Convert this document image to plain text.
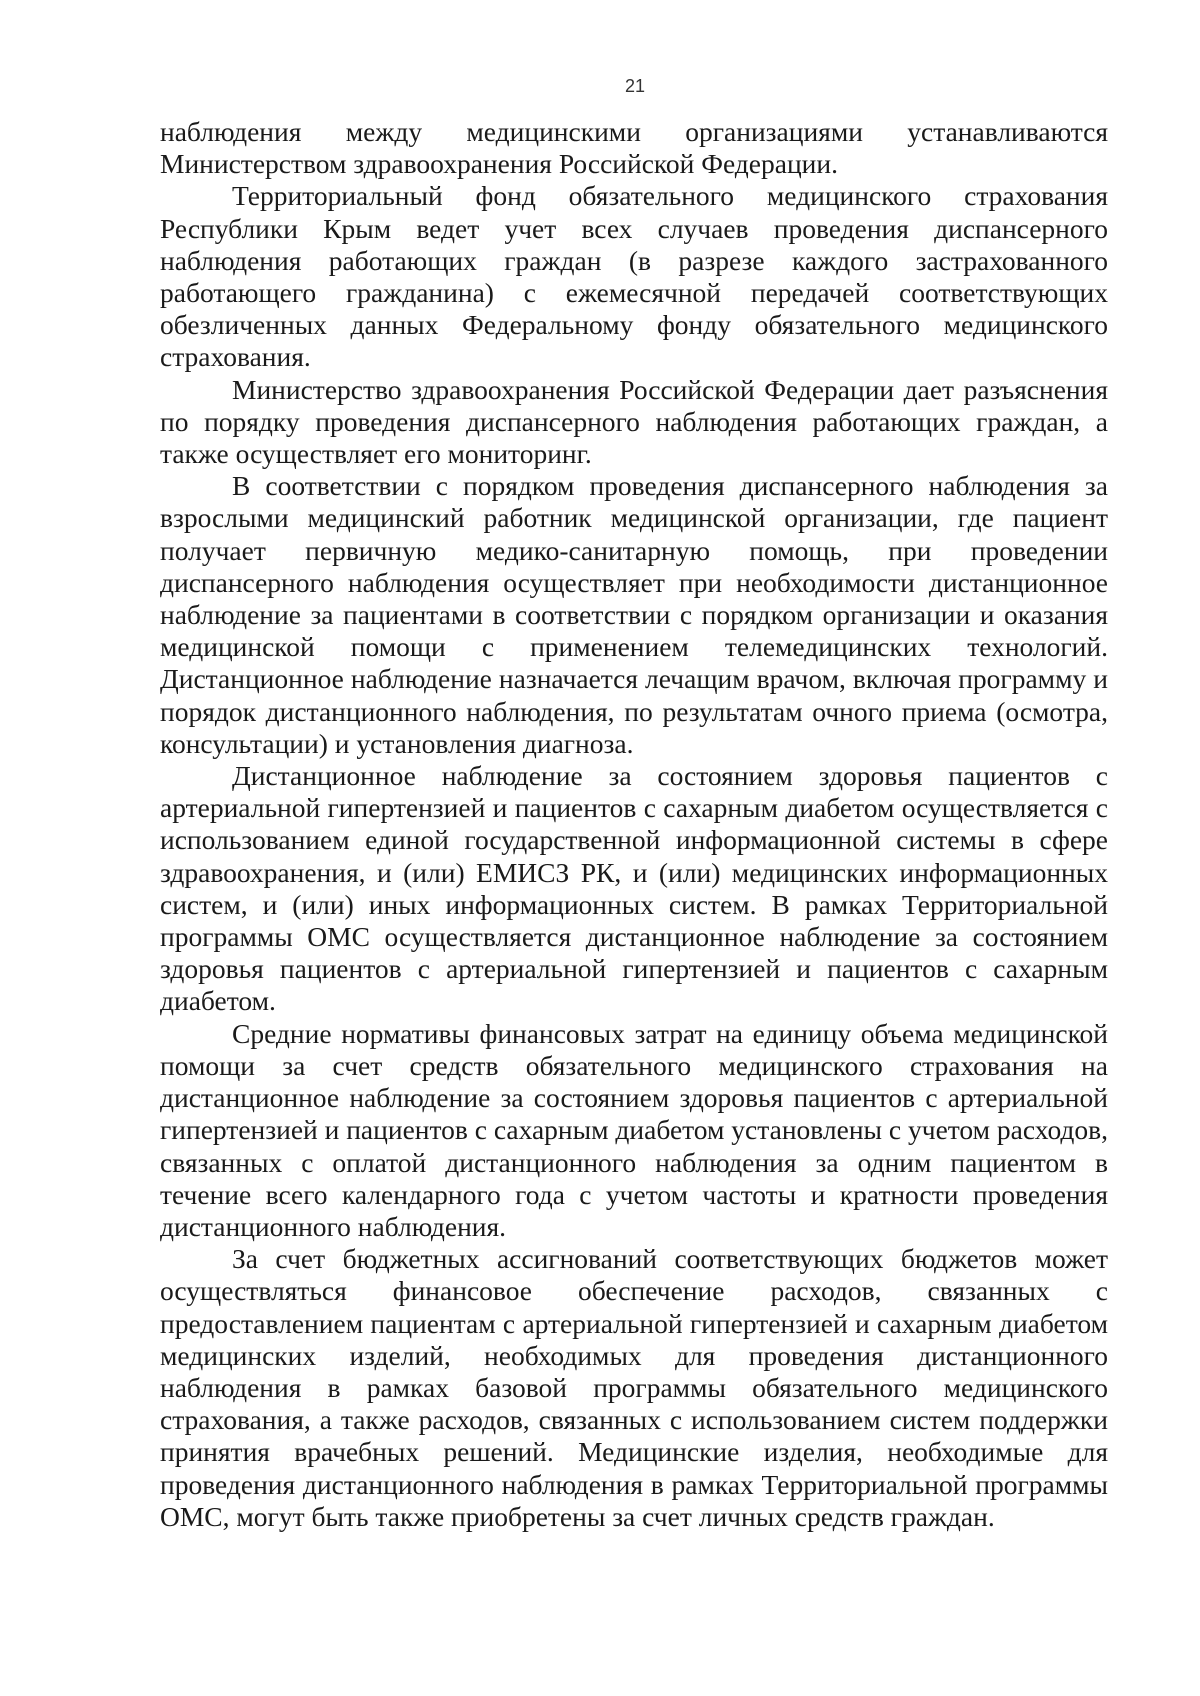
21

наблюдения между медицинскими организациями устанавливаются Министерством здравоохранения Российской Федерации.

Территориальный фонд обязательного медицинского страхования Республики Крым ведет учет всех случаев проведения диспансерного наблюдения работающих граждан (в разрезе каждого застрахованного работающего гражданина) с ежемесячной передачей соответствующих обезличенных данных Федеральному фонду обязательного медицинского страхования.

Министерство здравоохранения Российской Федерации дает разъяснения по порядку проведения диспансерного наблюдения работающих граждан, а также осуществляет его мониторинг.

В соответствии с порядком проведения диспансерного наблюдения за взрослыми медицинский работник медицинской организации, где пациент получает первичную медико-санитарную помощь, при проведении диспансерного наблюдения осуществляет при необходимости дистанционное наблюдение за пациентами в соответствии с порядком организации и оказания медицинской помощи с применением телемедицинских технологий. Дистанционное наблюдение назначается лечащим врачом, включая программу и порядок дистанционного наблюдения, по результатам очного приема (осмотра, консультации) и установления диагноза.

Дистанционное наблюдение за состоянием здоровья пациентов с артериальной гипертензией и пациентов с сахарным диабетом осуществляется с использованием единой государственной информационной системы в сфере здравоохранения, и (или) ЕМИСЗ РК, и (или) медицинских информационных систем, и (или) иных информационных систем. В рамках Территориальной программы ОМС осуществляется дистанционное наблюдение за состоянием здоровья пациентов с артериальной гипертензией и пациентов с сахарным диабетом.

Средние нормативы финансовых затрат на единицу объема медицинской помощи за счет средств обязательного медицинского страхования на дистанционное наблюдение за состоянием здоровья пациентов с артериальной гипертензией и пациентов с сахарным диабетом установлены с учетом расходов, связанных с оплатой дистанционного наблюдения за одним пациентом в течение всего календарного года с учетом частоты и кратности проведения дистанционного наблюдения.

За счет бюджетных ассигнований соответствующих бюджетов может осуществляться финансовое обеспечение расходов, связанных с предоставлением пациентам с артериальной гипертензией и сахарным диабетом медицинских изделий, необходимых для проведения дистанционного наблюдения в рамках базовой программы обязательного медицинского страхования, а также расходов, связанных с использованием систем поддержки принятия врачебных решений. Медицинские изделия, необходимые для проведения дистанционного наблюдения в рамках Территориальной программы ОМС, могут быть также приобретены за счет личных средств граждан.
